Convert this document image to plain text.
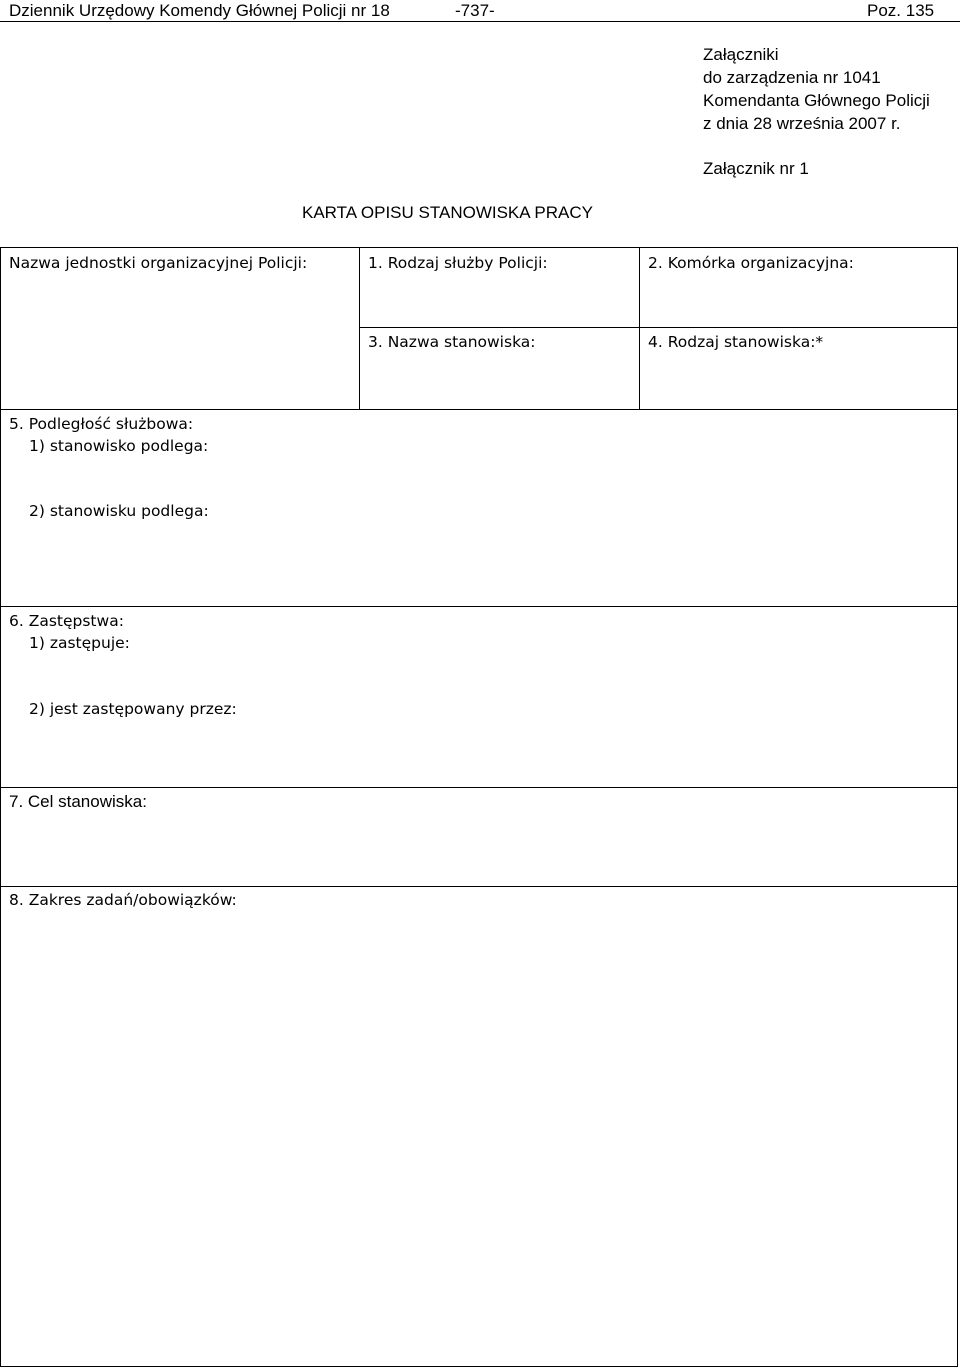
Dziennik Urzędowy Komendy Głównej Policji nr 18	-737-	Poz. 135
Załączniki
do zarządzenia nr 1041
Komendanta Głównego Policji
z dnia 28 września 2007 r.
Załącznik nr 1
KARTA OPISU STANOWISKA PRACY
Nazwa jednostki organizacyjnej Policji:	1. Rodzaj służby Policji:	2. Komórka organizacyjna:
3. Nazwa stanowiska:	4. Rodzaj stanowiska:*
5. Podległość służbowa:
1) stanowisko podlega:
2) stanowisku podlega:
6. Zastępstwa:
1) zastępuje:
2) jest zastępowany przez:
7. Cel stanowiska:
8. Zakres zadań/obowiązków:
